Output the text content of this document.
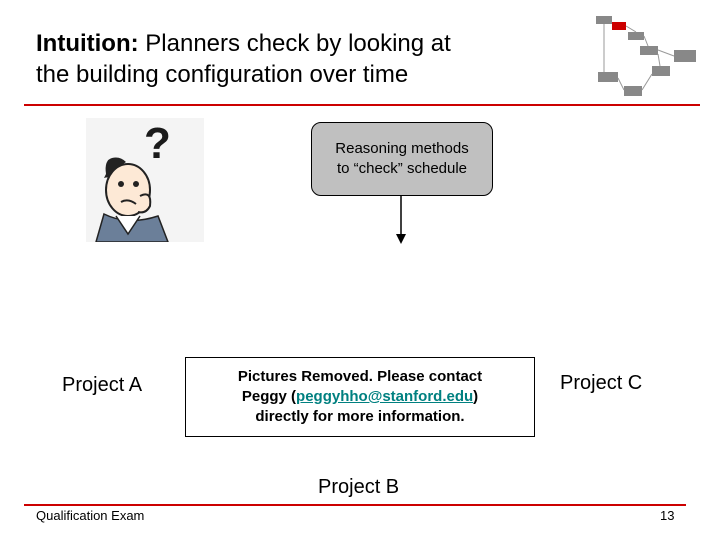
Intuition: Planners check by looking at
the building configuration over time
?	Reasoning methods
to “check” schedule
Project A	Pictures Removed. Please contact
Peggy (peggyhho@stanford.edu)
directly for more information.
Project C
Project B
Qualification Exam	13
